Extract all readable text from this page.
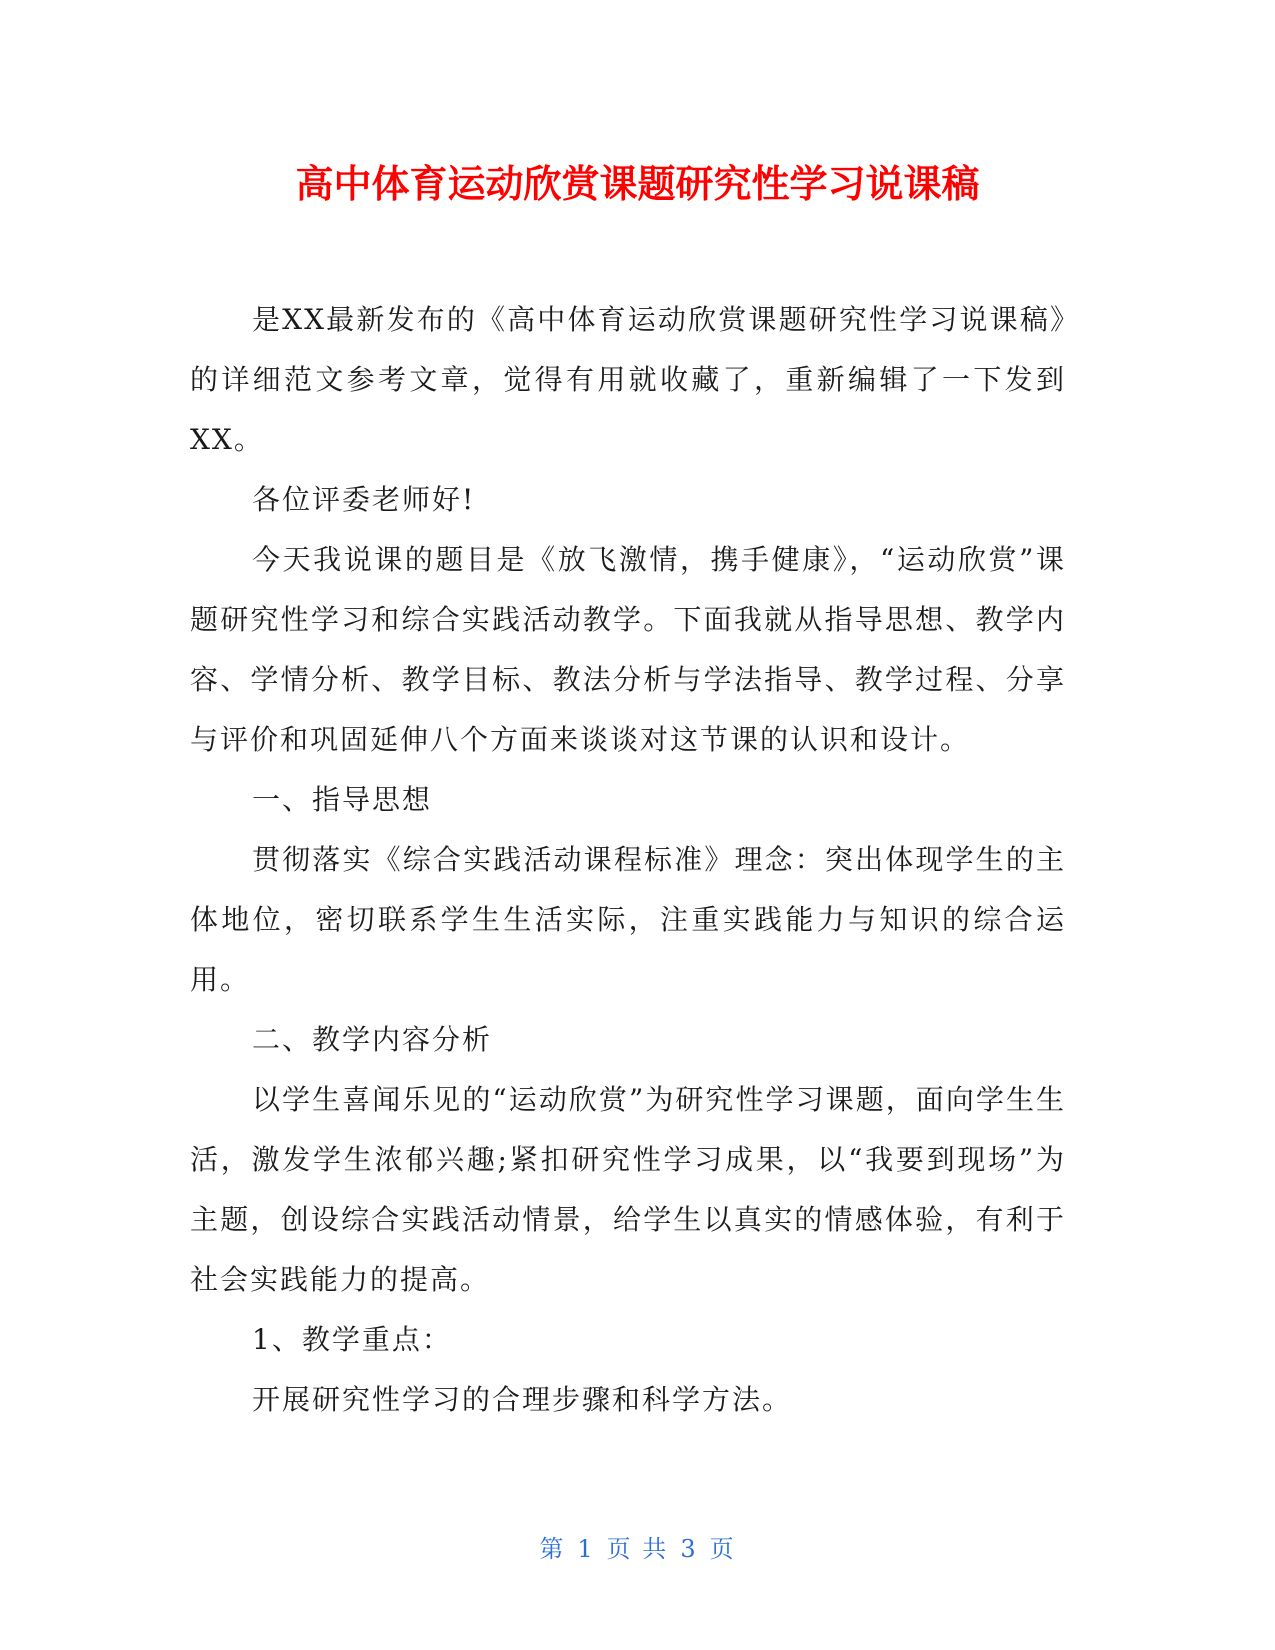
高中体育运动欣赏课题研究性学习说课稿

是XX最新发布的《高中体育运动欣赏课题研究性学习说课稿》的详细范文参考文章，觉得有用就收藏了，重新编辑了一下发到XX。

各位评委老师好!

今天我说课的题目是《放飞激情，携手健康》，“运动欣赏”课题研究性学习和综合实践活动教学。下面我就从指导思想、教学内容、学情分析、教学目标、教法分析与学法指导、教学过程、分享与评价和巩固延伸八个方面来谈谈对这节课的认识和设计。

一、指导思想

贯彻落实《综合实践活动课程标准》理念：突出体现学生的主体地位，密切联系学生生活实际，注重实践能力与知识的综合运用。

二、教学内容分析

以学生喜闻乐见的“运动欣赏”为研究性学习课题，面向学生生活，激发学生浓郁兴趣;紧扣研究性学习成果，以“我要到现场”为主题，创设综合实践活动情景，给学生以真实的情感体验，有利于社会实践能力的提高。

1、教学重点：

开展研究性学习的合理步骤和科学方法。

第 1 页 共 3 页
